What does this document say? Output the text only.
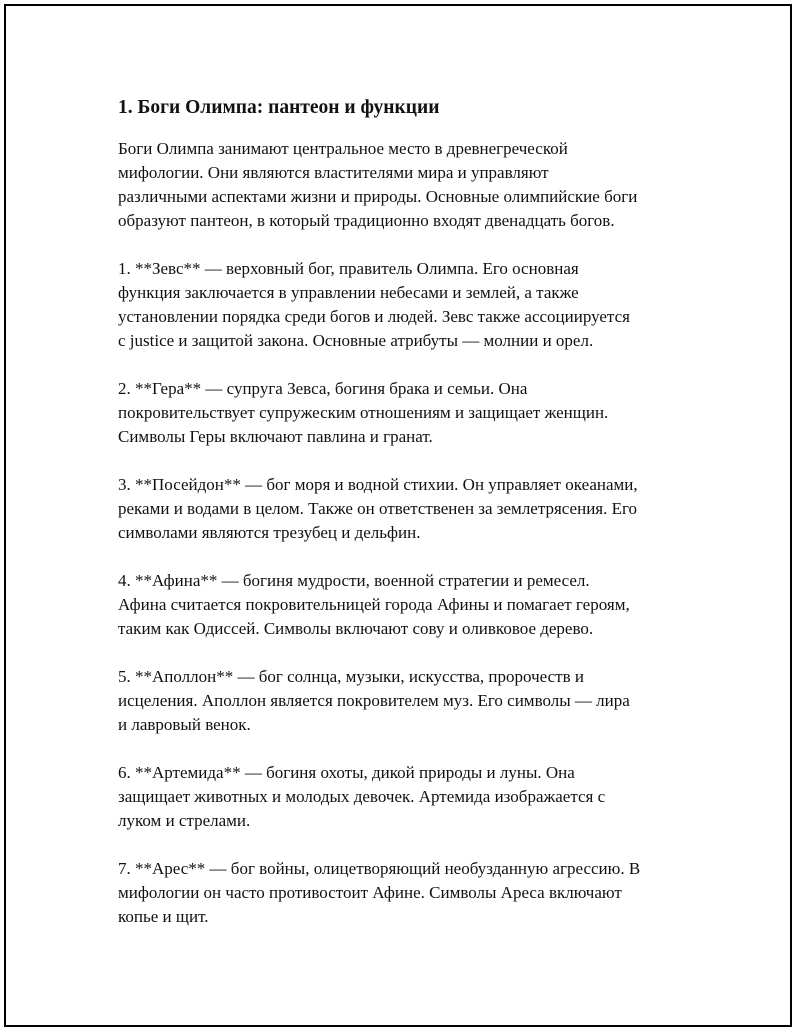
1. Боги Олимпа: пантеон и функции
Боги Олимпа занимают центральное место в древнегреческой
мифологии. Они являются властителями мира и управляют
различными аспектами жизни и природы. Основные олимпийские боги
образуют пантеон, в который традиционно входят двенадцать богов.
1. **Зевс** — верховный бог, правитель Олимпа. Его основная
функция заключается в управлении небесами и землей, а также
установлении порядка среди богов и людей. Зевс также ассоциируется
с justice и защитой закона. Основные атрибуты — молнии и орел.
2. **Гера** — супруга Зевса, богиня брака и семьи. Она
покровительствует супружеским отношениям и защищает женщин.
Символы Геры включают павлина и гранат.
3. **Посейдон** — бог моря и водной стихии. Он управляет океанами,
реками и водами в целом. Также он ответственен за землетрясения. Его
символами являются трезубец и дельфин.
4. **Афина** — богиня мудрости, военной стратегии и ремесел.
Афина считается покровительницей города Афины и помагает героям,
таким как Одиссей. Символы включают сову и оливковое дерево.
5. **Аполлон** — бог солнца, музыки, искусства, пророчеств и
исцеления. Аполлон является покровителем муз. Его символы — лира
и лавровый венок.
6. **Артемида** — богиня охоты, дикой природы и луны. Она
защищает животных и молодых девочек. Артемида изображается с
луком и стрелами.
7. **Арес** — бог войны, олицетворяющий необузданную агрессию. В
мифологии он часто противостоит Афине. Символы Ареса включают
копье и щит.
